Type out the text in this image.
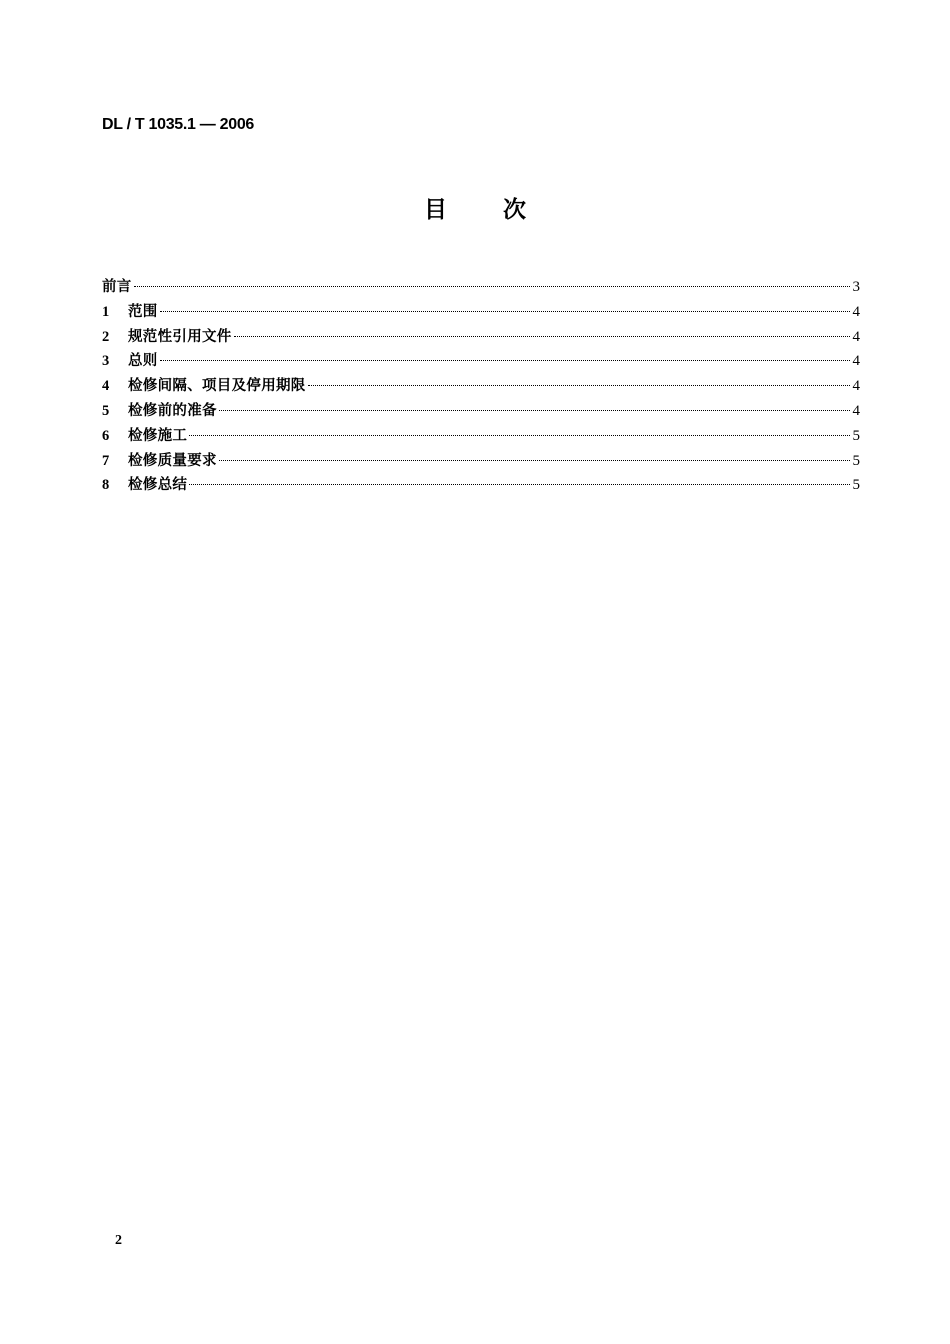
DL / T 1035.1 — 2006
目 次
前言	3
1	范围	4
2	规范性引用文件	4
3	总则	4
4	检修间隔、项目及停用期限	4
5	检修前的准备	4
6	检修施工	5
7	检修质量要求	5
8	检修总结	5
2
